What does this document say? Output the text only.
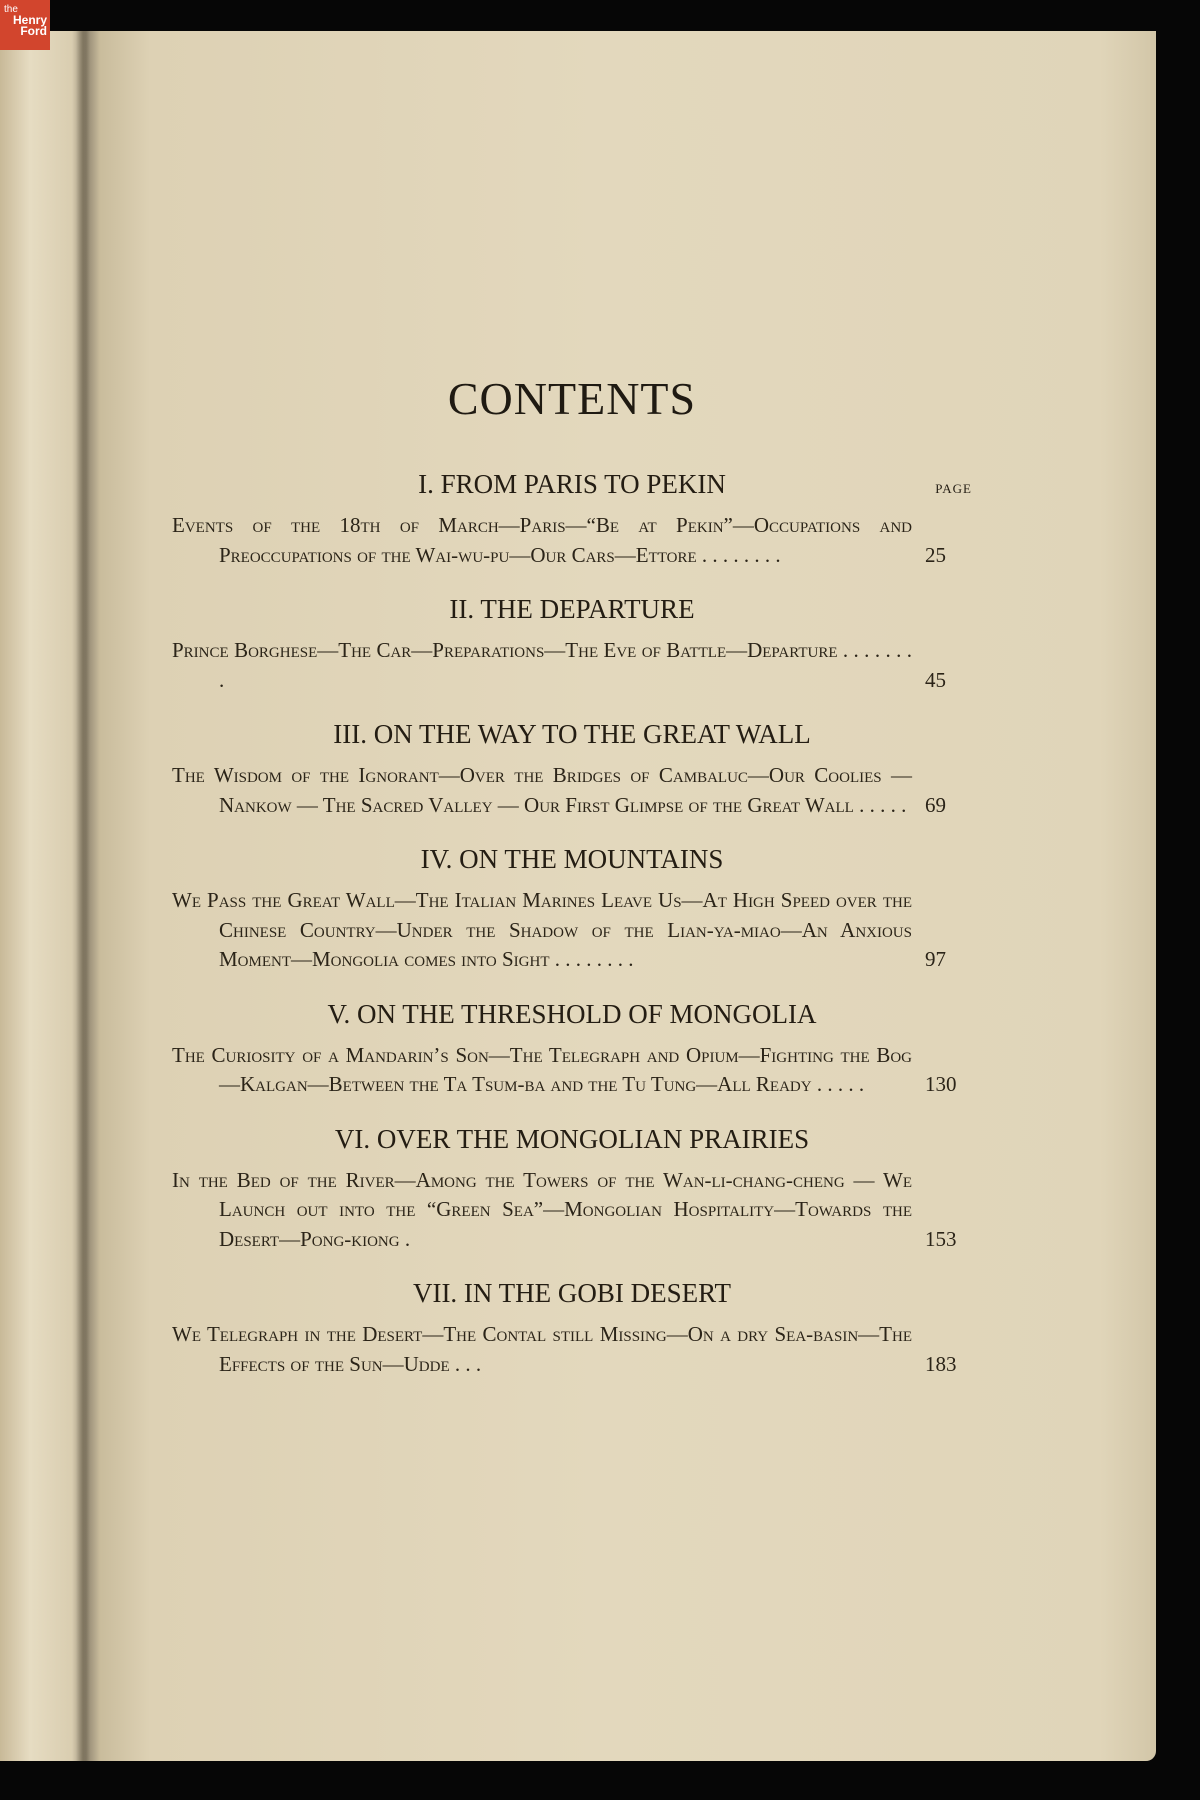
the
Henry
Ford
CONTENTS
I. FROM PARIS TO PEKIN	PAGE
Events of the 18th of March—Paris—“Be at Pekin”—Occupations and Preoccupations of the Wai-wu-pu—Our Cars—Ettore . . . . . . . .	25
II. THE DEPARTURE
Prince Borghese—The Car—Preparations—The Eve of Battle—Departure . . . . . . . .	45
III. ON THE WAY TO THE GREAT WALL
The Wisdom of the Ignorant—Over the Bridges of Cambaluc—Our Coolies — Nankow — The Sacred Valley — Our First Glimpse of the Great Wall . . . . . 69
IV. ON THE MOUNTAINS
We Pass the Great Wall—The Italian Marines Leave Us—At High Speed over the Chinese Country—Under the Shadow of the Lian-ya-miao—An Anxious Moment—Mongolia comes into Sight . . . . . . . .	97
V. ON THE THRESHOLD OF MONGOLIA
The Curiosity of a Mandarin’s Son—The Telegraph and Opium—Fighting the Bog—Kalgan—Between the Ta Tsum-ba and the Tu Tung—All Ready . . . . .	130
VI. OVER THE MONGOLIAN PRAIRIES
In the Bed of the River—Among the Towers of the Wan-li-chang-cheng — We Launch out into the “Green Sea”—Mongolian Hospitality—Towards the Desert—Pong-kiong .	153
VII. IN THE GOBI DESERT
We Telegraph in the Desert—The Contal still Missing—On a dry Sea-basin—The Effects of the Sun—Udde . . .	183
